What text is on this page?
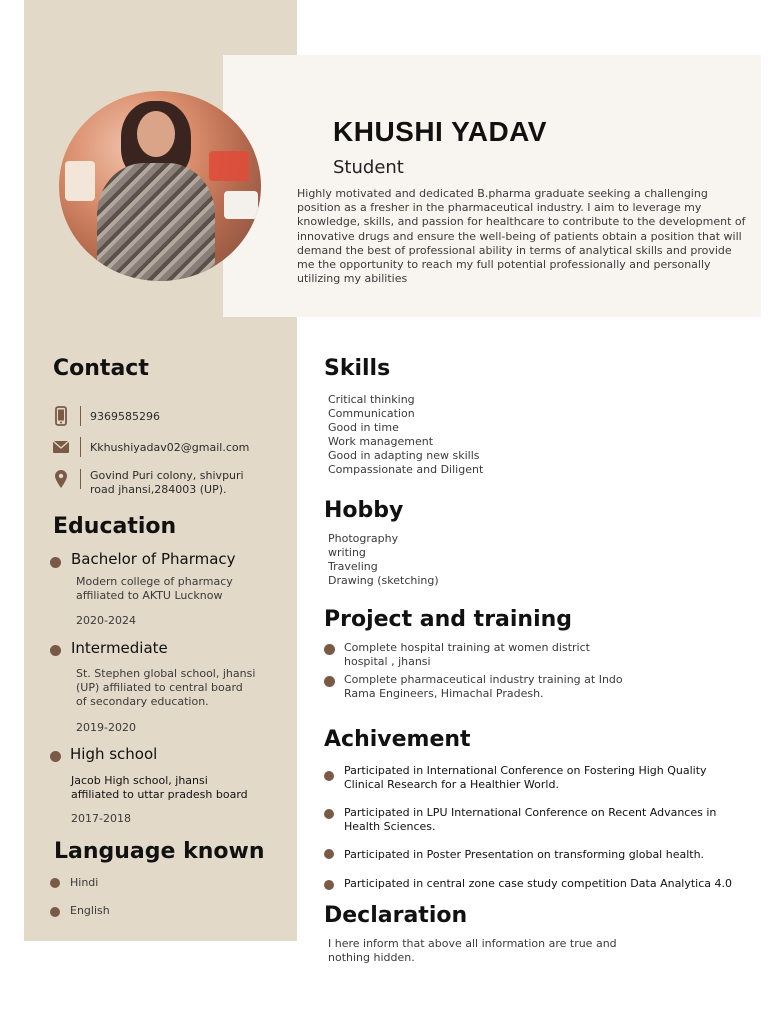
KHUSHI YADAV

Student

Highly motivated and dedicated B.pharma graduate seeking a challenging position as a fresher in the pharmaceutical industry. I aim to leverage my knowledge, skills, and passion for healthcare to contribute to the development of innovative drugs and ensure the well-being of patients obtain a position that will demand the best of professional ability in terms of analytical skills and provide me the opportunity to reach my full potential professionally and personally utilizing my abilities

Contact
9369585296
Kkhushiyadav02@gmail.com
Govind Puri colony, shivpuri
road jhansi,284003 (UP).
Education
Bachelor of Pharmacy
Modern college of pharmacy
affiliated to AKTU Lucknow
2020-2024
Intermediate
St. Stephen global school, jhansi
(UP) affiliated to central board
of secondary education.
2019-2020
High school
Jacob High school, jhansi
affiliated to uttar pradesh board
2017-2018
Language known
Hindi
English
Skills
Critical thinking
Communication
Good in time
Work management
Good in adapting new skills
Compassionate and Diligent
Hobby
Photography
writing
Traveling
Drawing (sketching)
Project and training
Complete hospital training at women district
hospital , jhansi
Complete pharmaceutical industry training at Indo
Rama Engineers, Himachal Pradesh.
Achivement
Participated in International Conference on Fostering High Quality
Clinical Research for a Healthier World.
Participated in LPU International Conference on Recent Advances in
Health Sciences.
Participated in Poster Presentation on transforming global health.
Participated in central zone case study competition Data Analytica 4.0
Declaration
I here inform that above all information are true and
nothing hidden.
